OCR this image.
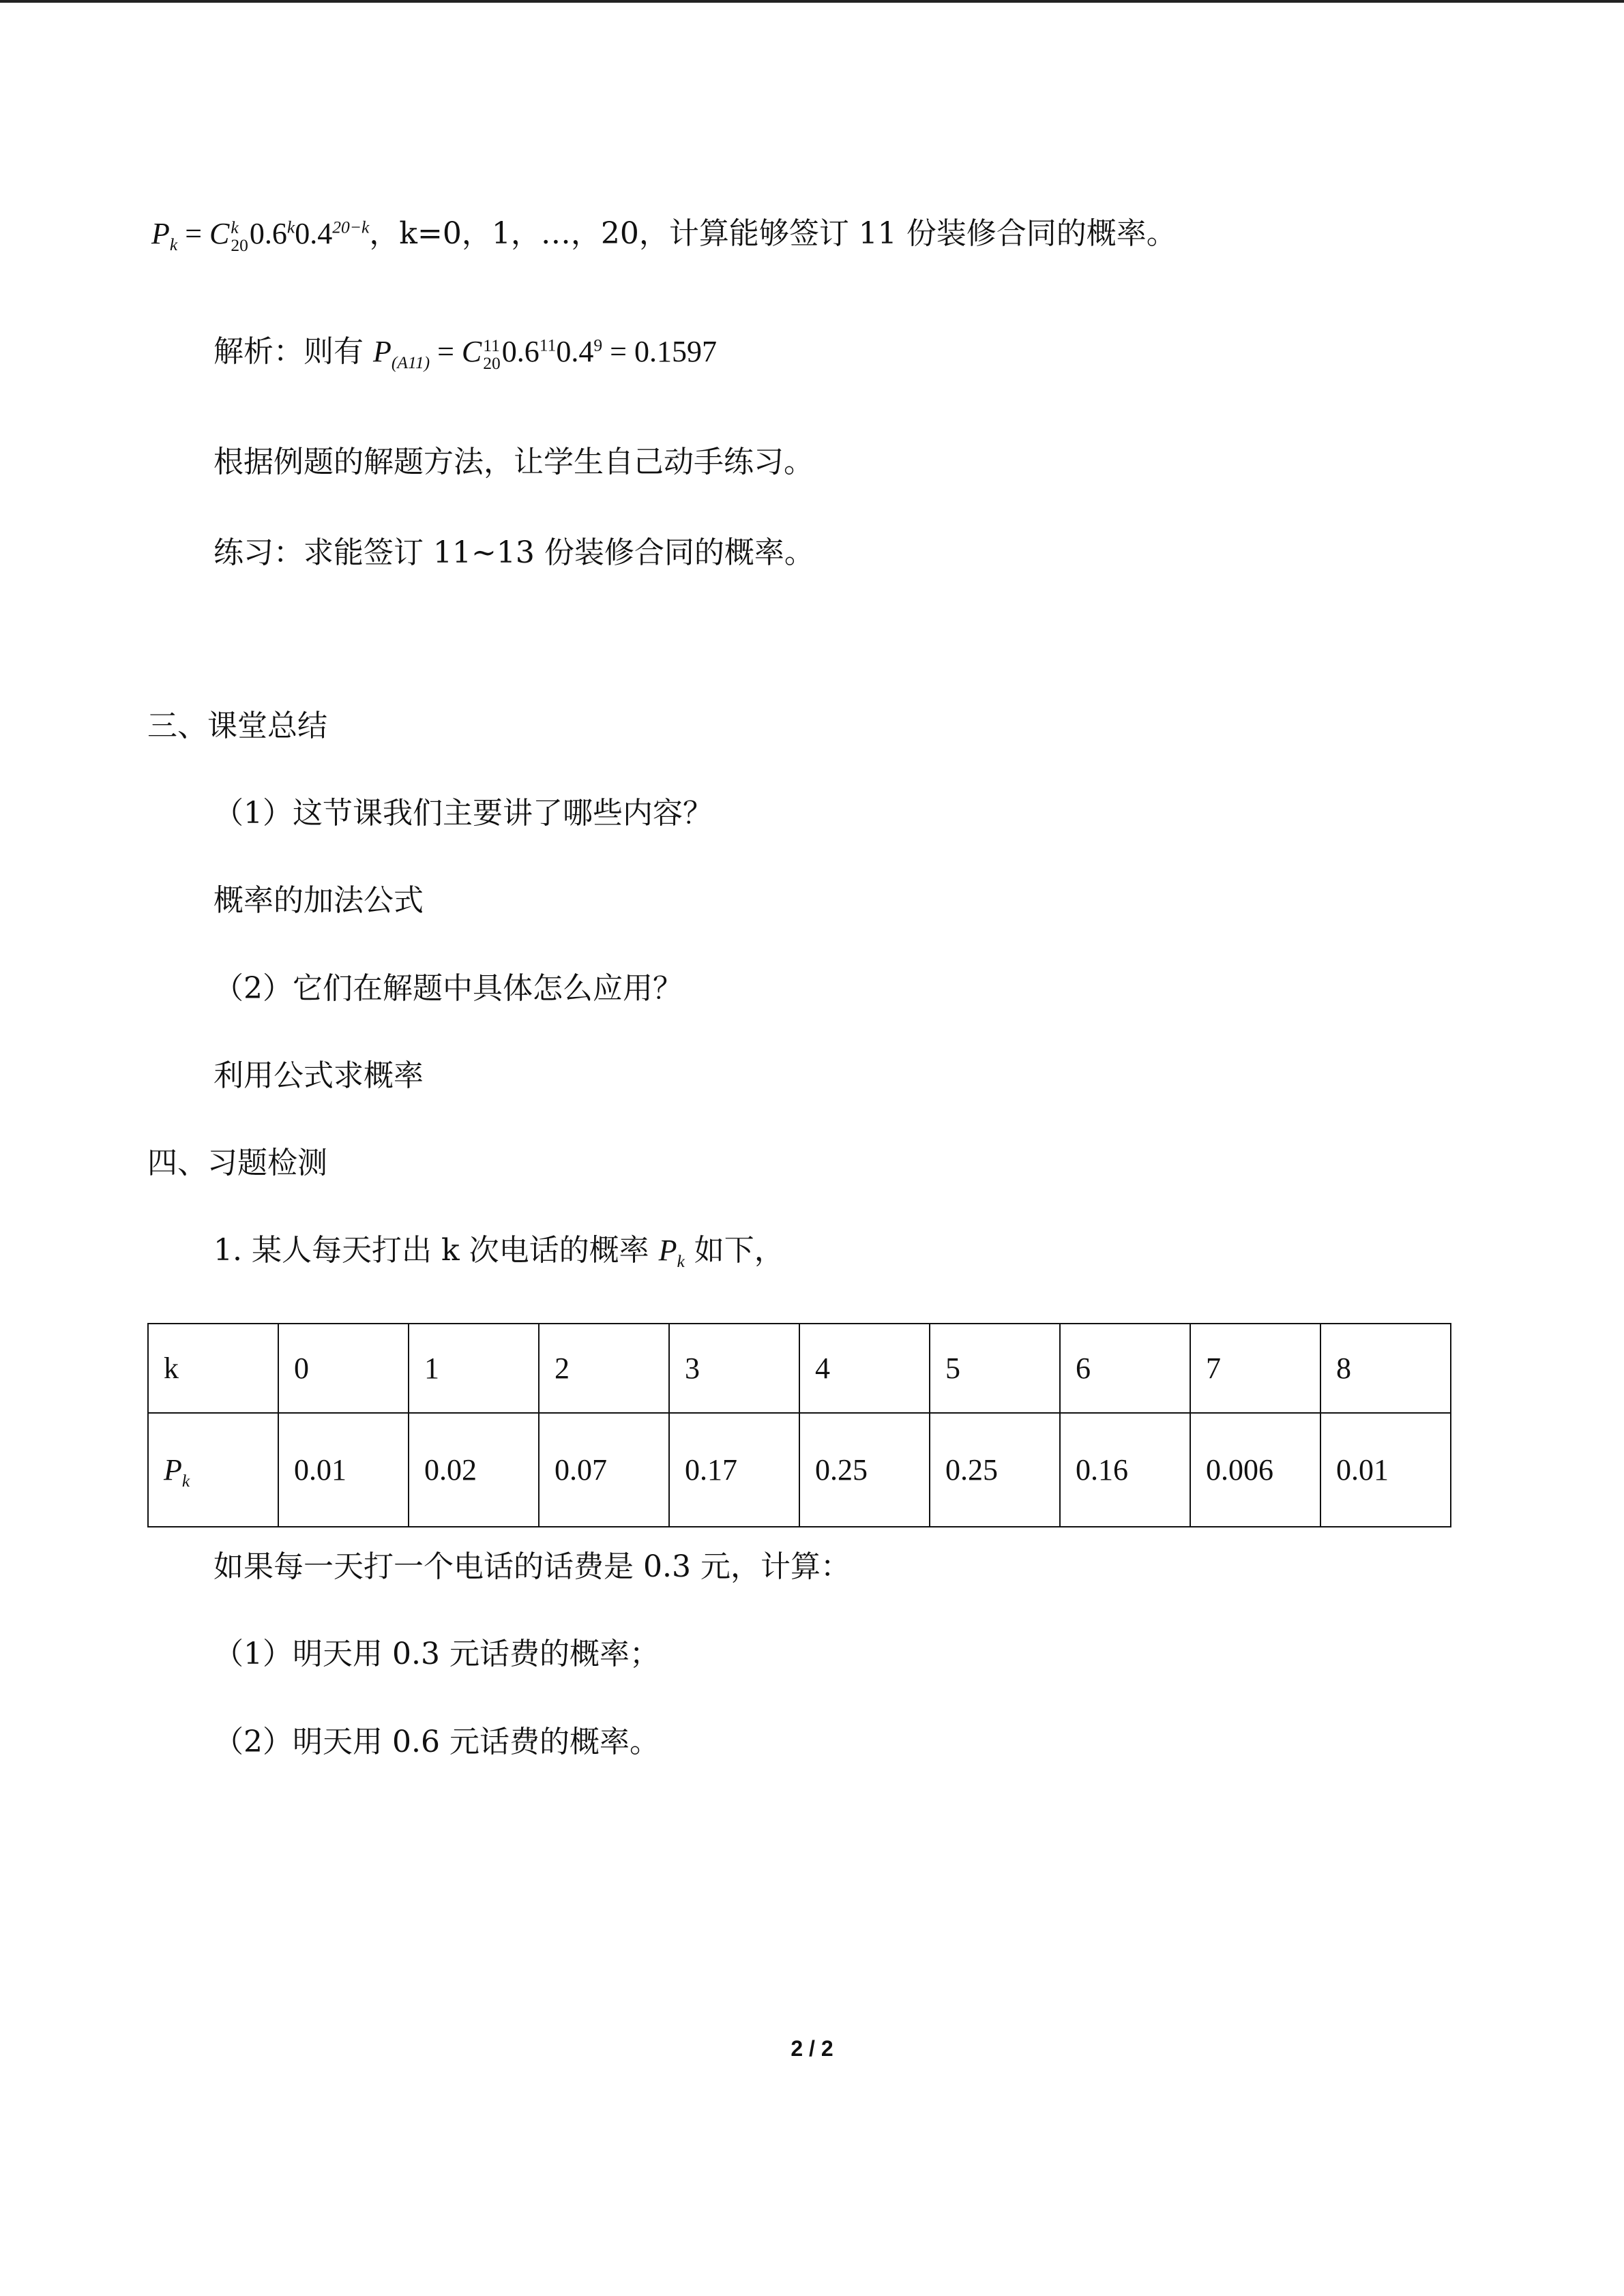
$P_k = C$ k
20 $0.6^k0.4^{20-k}$，k=0，1，…，20，计算能够签订 11 份装修合同的概率。
解析：则有 $P_{(A11)} = C$ 11
20 $0.6^{11}0.4^9 = 0.1597$
根据例题的解题方法，让学生自己动手练习。
练习：求能签订 11~13 份装修合同的概率。
三、课堂总结
（1）这节课我们主要讲了哪些内容？
概率的加法公式
（2）它们在解题中具体怎么应用？
利用公式求概率
四、习题检测
1. 某人每天打出 k 次电话的概率 $P_k$ 如下，
k	0	1	2	3	4	5	6	7	8
$P_k$	0.01	0.02	0.07	0.17	0.25	0.25	0.16	0.006	0.01
如果每一天打一个电话的话费是 0.3 元，计算：
（1）明天用 0.3 元话费的概率；
（2）明天用 0.6 元话费的概率。
2 / 2
